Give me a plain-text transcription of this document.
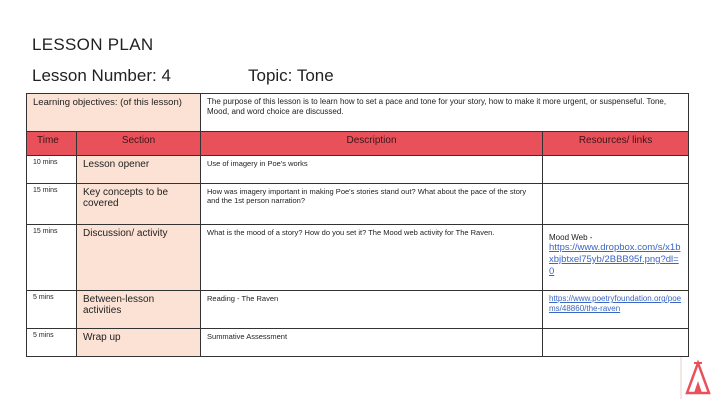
LESSON PLAN
Lesson Number: 4	Topic: Tone
Learning objectives: (of this lesson)		The purpose of this lesson is to learn how to set a pace and tone for your story, how to make it more urgent, or suspenseful. Tone, Mood, and word choice are discussed.	
Time	Section	Description	Resources/ links
10 mins	Lesson opener	Use of imagery in Poe's works	
15 mins	Key concepts to be covered	How was imagery important in making Poe's stories stand out? What about the pace of the story and the 1st person narration?	
15 mins	Discussion/ activity	What is the mood of a story? How do you set it? The Mood web activity for The Raven.	Mood Web -
https://www.dropbox.com/s/x1bxbjbtxel75yb/2BBB95f.png?dl=0
5 mins	Between-lesson activities	Reading - The Raven	https://www.poetryfoundation.org/poems/48860/the-raven
5 mins	Wrap up	Summative Assessment	
